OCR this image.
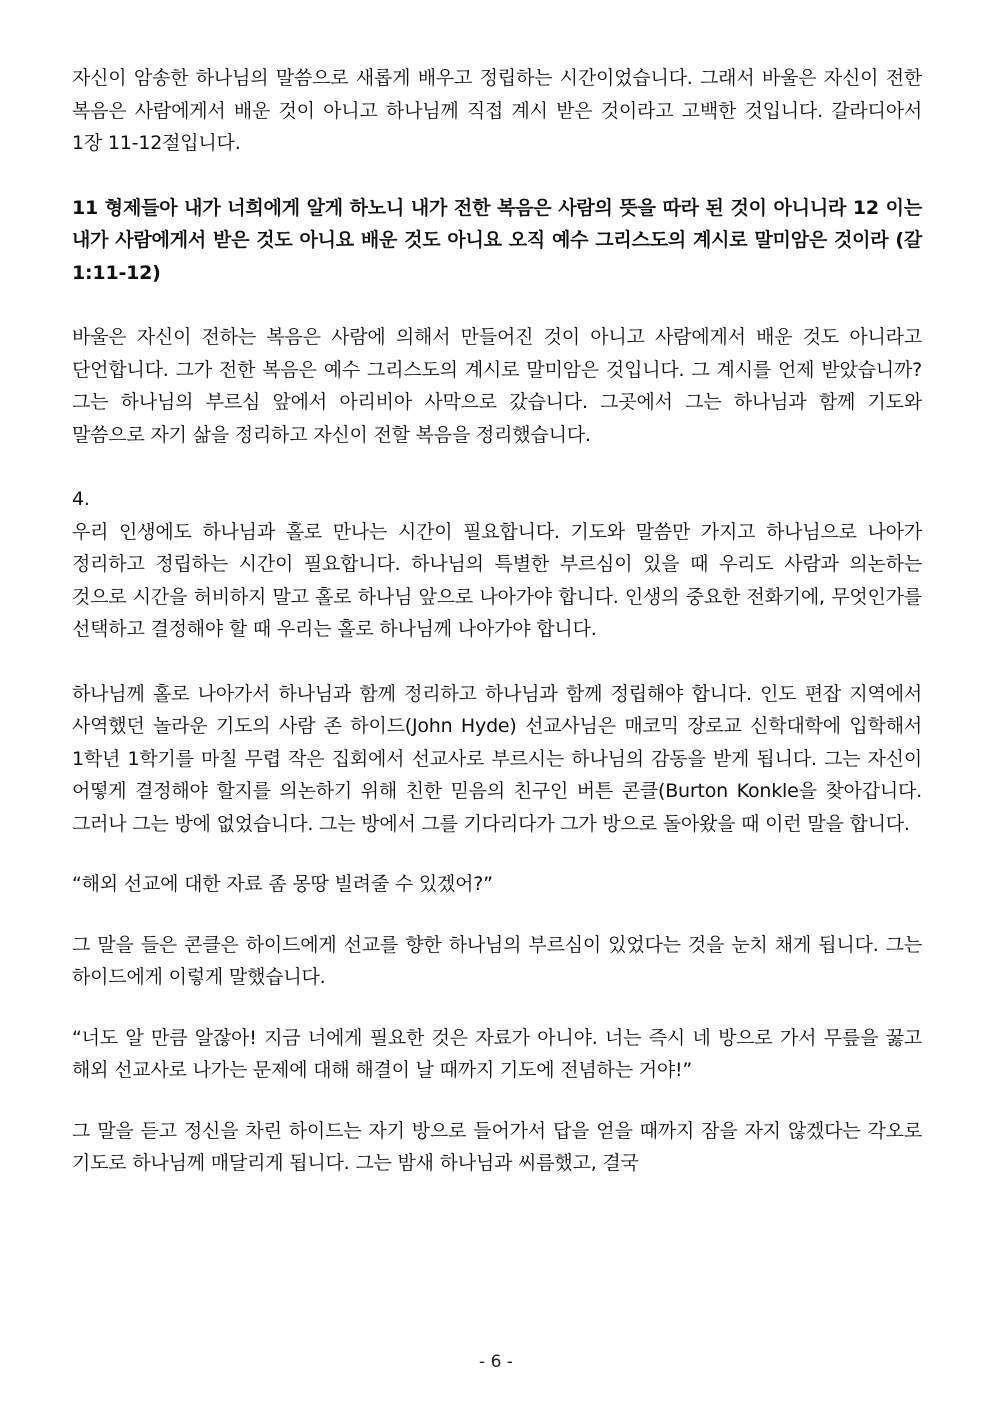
자신이 암송한 하나님의 말씀으로 새롭게 배우고 정립하는 시간이었습니다. 그래서 바울은 자신이 전한 복음은 사람에게서 배운 것이 아니고 하나님께 직접 계시 받은 것이라고 고백한 것입니다. 갈라디아서 1장 11-12절입니다.

11 형제들아 내가 너희에게 알게 하노니 내가 전한 복음은 사람의 뜻을 따라 된 것이 아니니라 12 이는 내가 사람에게서 받은 것도 아니요 배운 것도 아니요 오직 예수 그리스도의 계시로 말미암은 것이라 (갈 1:11-12)

바울은 자신이 전하는 복음은 사람에 의해서 만들어진 것이 아니고 사람에게서 배운 것도 아니라고 단언합니다. 그가 전한 복음은 예수 그리스도의 계시로 말미암은 것입니다. 그 계시를 언제 받았습니까? 그는 하나님의 부르심 앞에서 아리비아 사막으로 갔습니다. 그곳에서 그는 하나님과 함께 기도와 말씀으로 자기 삶을 정리하고 자신이 전할 복음을 정리했습니다.

4.

우리 인생에도 하나님과 홀로 만나는 시간이 필요합니다. 기도와 말씀만 가지고 하나님으로 나아가 정리하고 정립하는 시간이 필요합니다. 하나님의 특별한 부르심이 있을 때 우리도 사람과 의논하는 것으로 시간을 허비하지 말고 홀로 하나님 앞으로 나아가야 합니다. 인생의 중요한 전화기에, 무엇인가를 선택하고 결정해야 할 때 우리는 홀로 하나님께 나아가야 합니다.

하나님께 홀로 나아가서 하나님과 함께 정리하고 하나님과 함께 정립해야 합니다. 인도 편잡 지역에서 사역했던 놀라운 기도의 사람 존 하이드(John Hyde) 선교사님은 매코믹 장로교 신학대학에 입학해서 1학년 1학기를 마칠 무렵 작은 집회에서 선교사로 부르시는 하나님의 감동을 받게 됩니다. 그는 자신이 어떻게 결정해야 할지를 의논하기 위해 친한 믿음의 친구인 버튼 콘클(Burton Konkle을 찾아갑니다. 그러나 그는 방에 없었습니다. 그는 방에서 그를 기다리다가 그가 방으로 돌아왔을 때 이런 말을 합니다.

“해외 선교에 대한 자료 좀 몽땅 빌려줄 수 있겠어?”

그 말을 들은 콘클은 하이드에게 선교를 향한 하나님의 부르심이 있었다는 것을 눈치 채게 됩니다. 그는 하이드에게 이렇게 말했습니다.

“너도 알 만큼 알잖아! 지금 너에게 필요한 것은 자료가 아니야. 너는 즉시 네 방으로 가서 무릎을 꿇고 해외 선교사로 나가는 문제에 대해 해결이 날 때까지 기도에 전념하는 거야!”

그 말을 듣고 정신을 차린 하이드는 자기 방으로 들어가서 답을 얻을 때까지 잠을 자지 않겠다는 각오로 기도로 하나님께 매달리게 됩니다. 그는 밤새 하나님과 씨름했고, 결국

- 6 -
